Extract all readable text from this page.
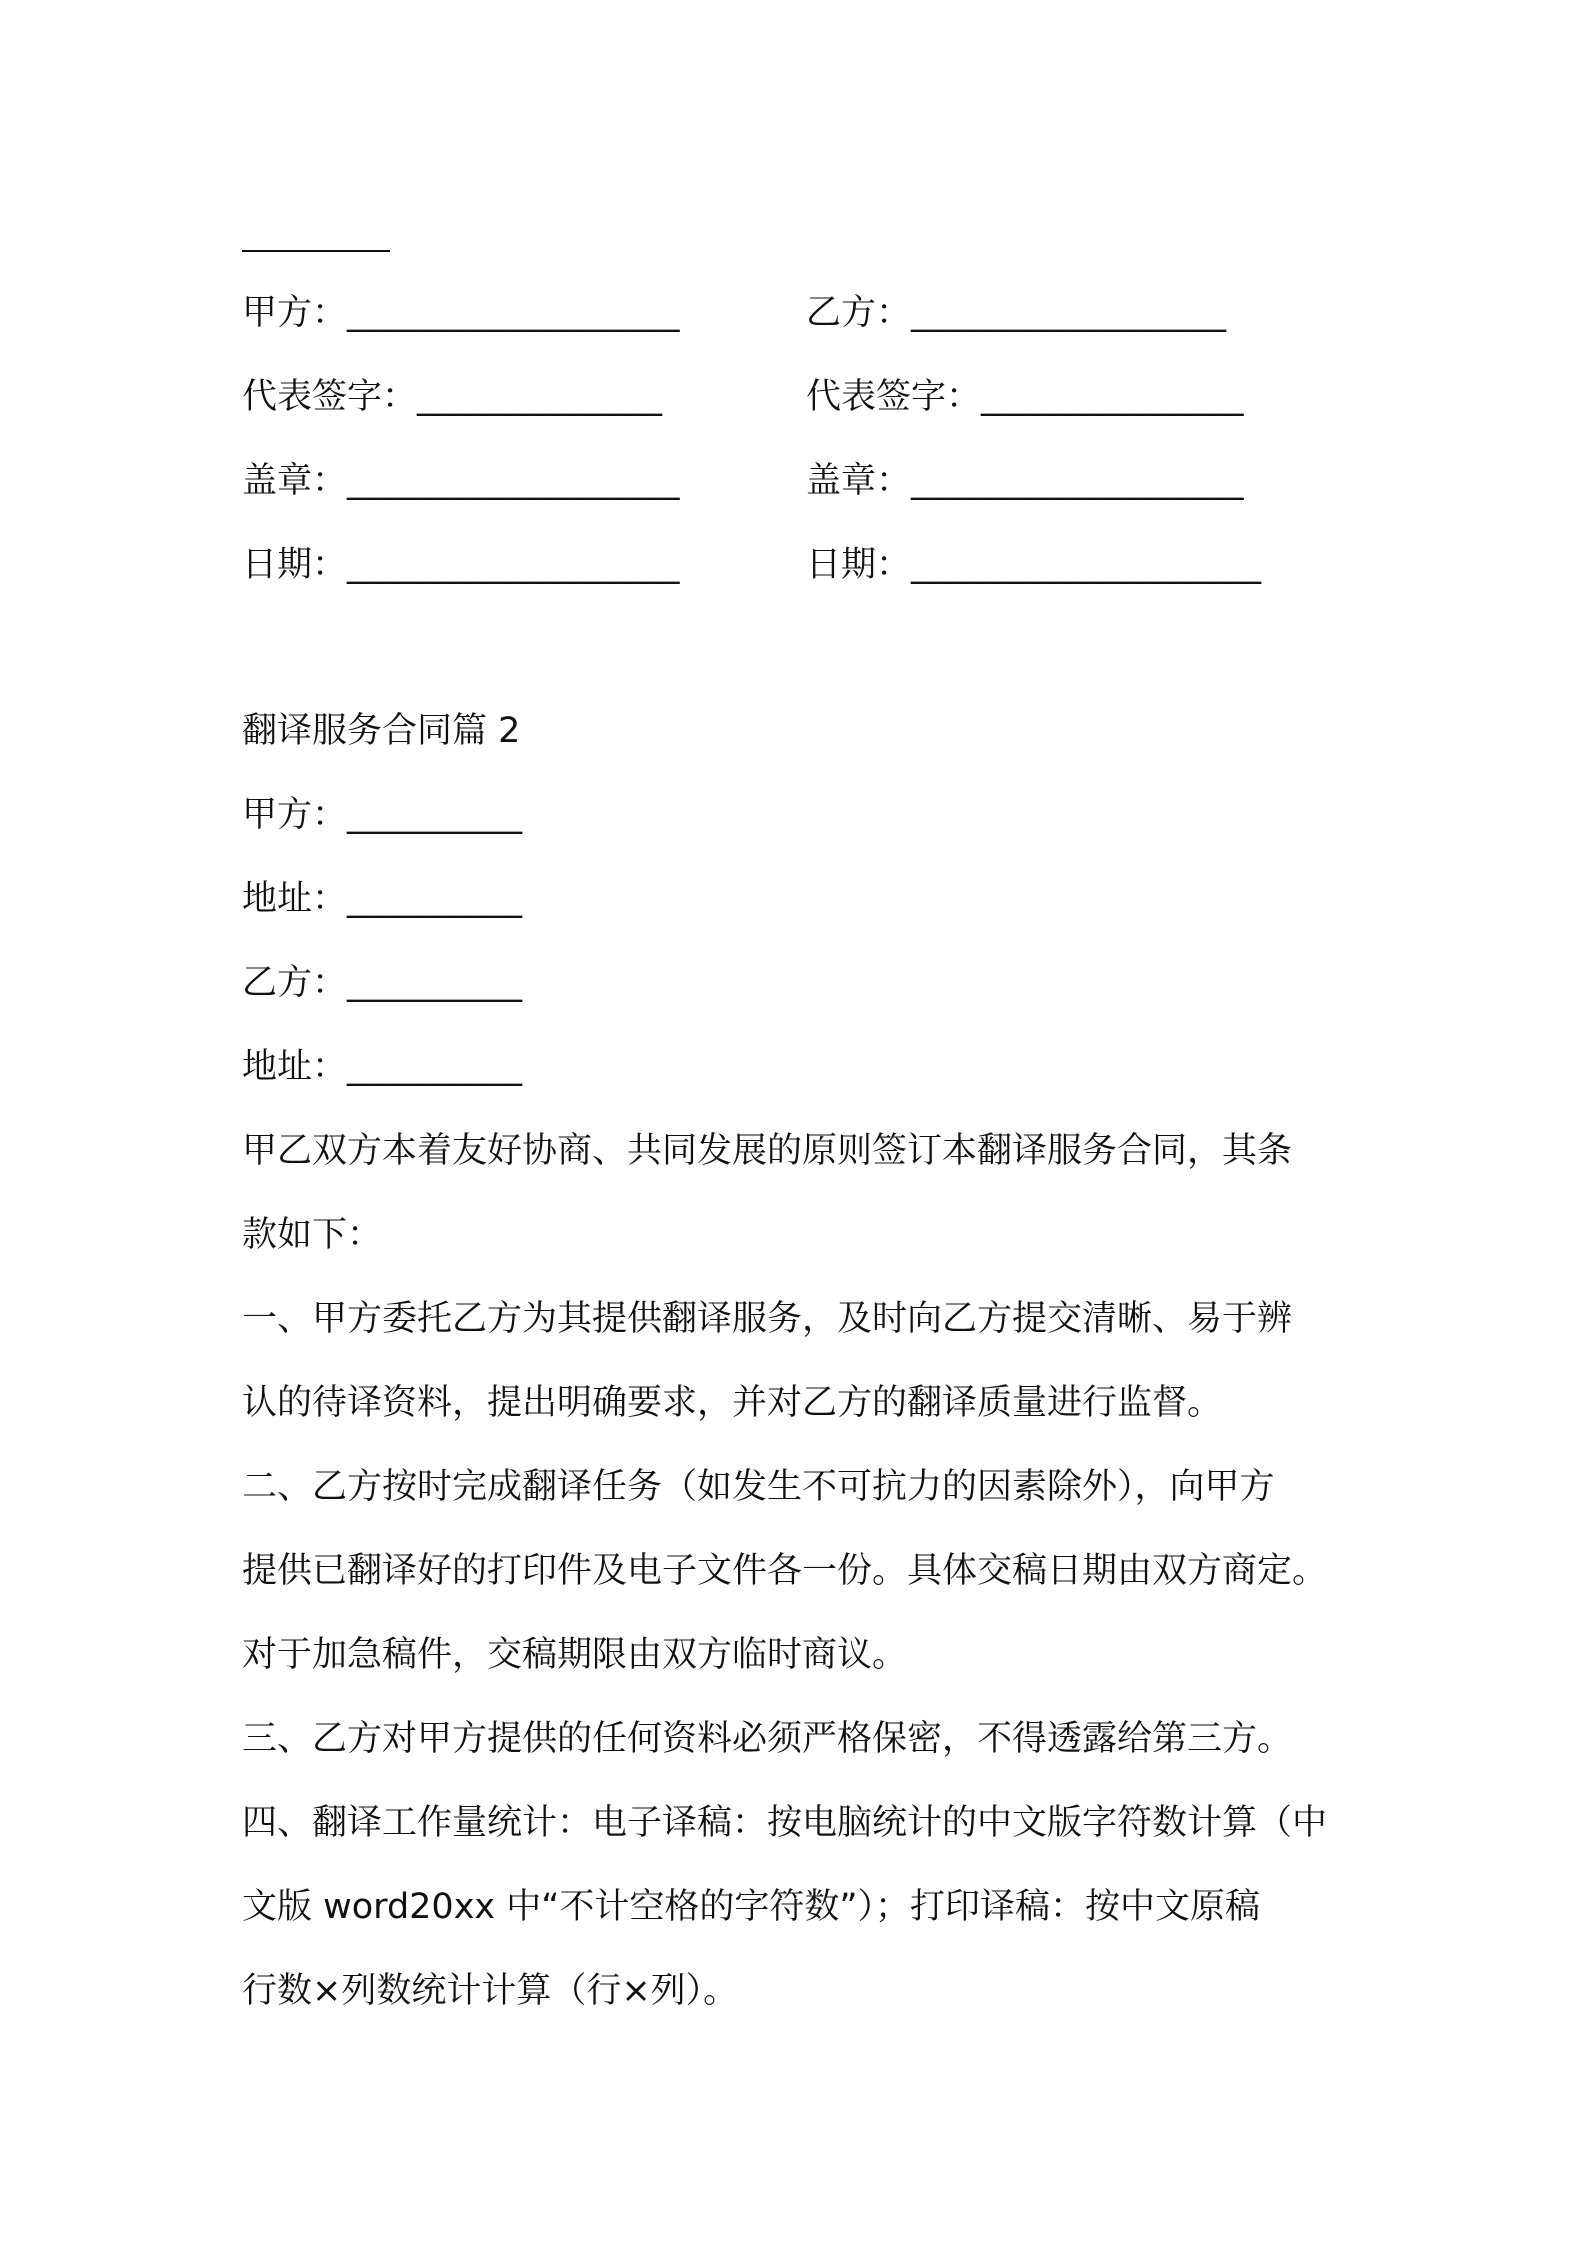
甲方：___________________
代表签字：______________
盖章：___________________
日期：___________________
乙方：__________________
代表签字：_______________
盖章：___________________
日期：____________________
翻译服务合同篇 2
甲方：__________
地址：__________
乙方：__________
地址：__________
甲乙双方本着友好协商、共同发展的原则签订本翻译服务合同，其条
款如下：
一、甲方委托乙方为其提供翻译服务，及时向乙方提交清晰、易于辨
认的待译资料，提出明确要求，并对乙方的翻译质量进行监督。
二、乙方按时完成翻译任务（如发生不可抗力的因素除外），向甲方
提供已翻译好的打印件及电子文件各一份。具体交稿日期由双方商定。
对于加急稿件，交稿期限由双方临时商议。
三、乙方对甲方提供的任何资料必须严格保密，不得透露给第三方。
四、翻译工作量统计：电子译稿：按电脑统计的中文版字符数计算（中
文版 word20xx 中“不计空格的字符数”）；打印译稿：按中文原稿
行数×列数统计计算（行×列）。
